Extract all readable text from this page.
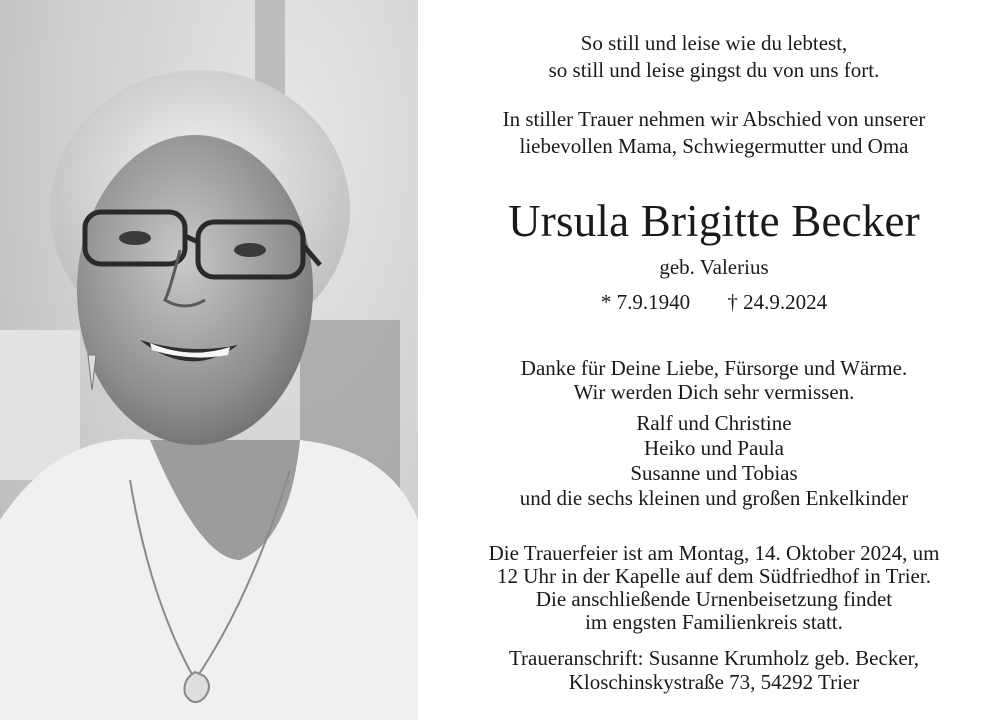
So still und leise wie du lebtest,
so still und leise gingst du von uns fort.
In stiller Trauer nehmen wir Abschied von unserer
liebevollen Mama, Schwiegermutter und Oma
Ursula Brigitte Becker
geb. Valerius
* 7.9.1940 † 24.9.2024
Danke für Deine Liebe, Fürsorge und Wärme.
Wir werden Dich sehr vermissen.
Ralf und Christine
Heiko und Paula
Susanne und Tobias
und die sechs kleinen und großen Enkelkinder
Die Trauerfeier ist am Montag, 14. Oktober 2024, um
12 Uhr in der Kapelle auf dem Südfriedhof in Trier.
Die anschließende Urnenbeisetzung findet
im engsten Familienkreis statt.
Traueranschrift: Susanne Krumholz geb. Becker,
Kloschinskystraße 73, 54292 Trier
